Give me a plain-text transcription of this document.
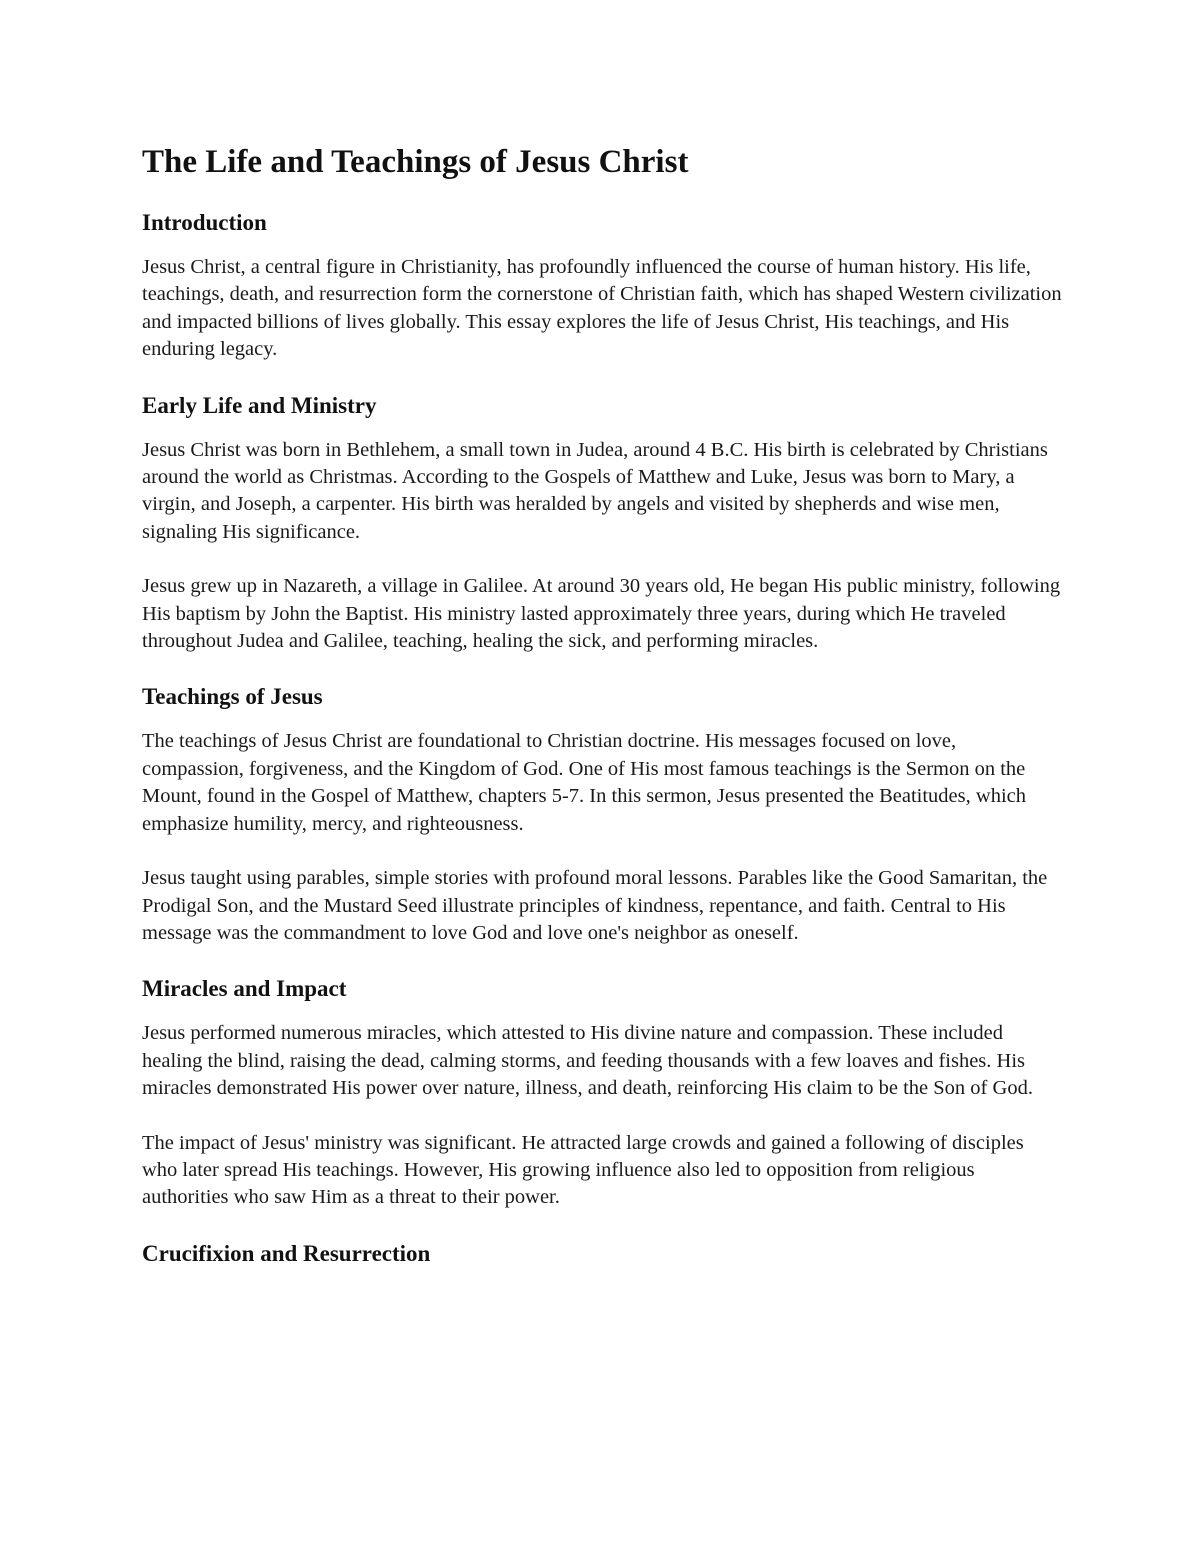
The Life and Teachings of Jesus Christ
Introduction

Jesus Christ, a central figure in Christianity, has profoundly influenced the course of human history. His life, teachings, death, and resurrection form the cornerstone of Christian faith, which has shaped Western civilization and impacted billions of lives globally. This essay explores the life of Jesus Christ, His teachings, and His enduring legacy.

Early Life and Ministry

Jesus Christ was born in Bethlehem, a small town in Judea, around 4 B.C. His birth is celebrated by Christians around the world as Christmas. According to the Gospels of Matthew and Luke, Jesus was born to Mary, a virgin, and Joseph, a carpenter. His birth was heralded by angels and visited by shepherds and wise men, signaling His significance.

Jesus grew up in Nazareth, a village in Galilee. At around 30 years old, He began His public ministry, following His baptism by John the Baptist. His ministry lasted approximately three years, during which He traveled throughout Judea and Galilee, teaching, healing the sick, and performing miracles.

Teachings of Jesus

The teachings of Jesus Christ are foundational to Christian doctrine. His messages focused on love, compassion, forgiveness, and the Kingdom of God. One of His most famous teachings is the Sermon on the Mount, found in the Gospel of Matthew, chapters 5-7. In this sermon, Jesus presented the Beatitudes, which emphasize humility, mercy, and righteousness.

Jesus taught using parables, simple stories with profound moral lessons. Parables like the Good Samaritan, the Prodigal Son, and the Mustard Seed illustrate principles of kindness, repentance, and faith. Central to His message was the commandment to love God and love one's neighbor as oneself.

Miracles and Impact

Jesus performed numerous miracles, which attested to His divine nature and compassion. These included healing the blind, raising the dead, calming storms, and feeding thousands with a few loaves and fishes. His miracles demonstrated His power over nature, illness, and death, reinforcing His claim to be the Son of God.

The impact of Jesus' ministry was significant. He attracted large crowds and gained a following of disciples who later spread His teachings. However, His growing influence also led to opposition from religious authorities who saw Him as a threat to their power.

Crucifixion and Resurrection
